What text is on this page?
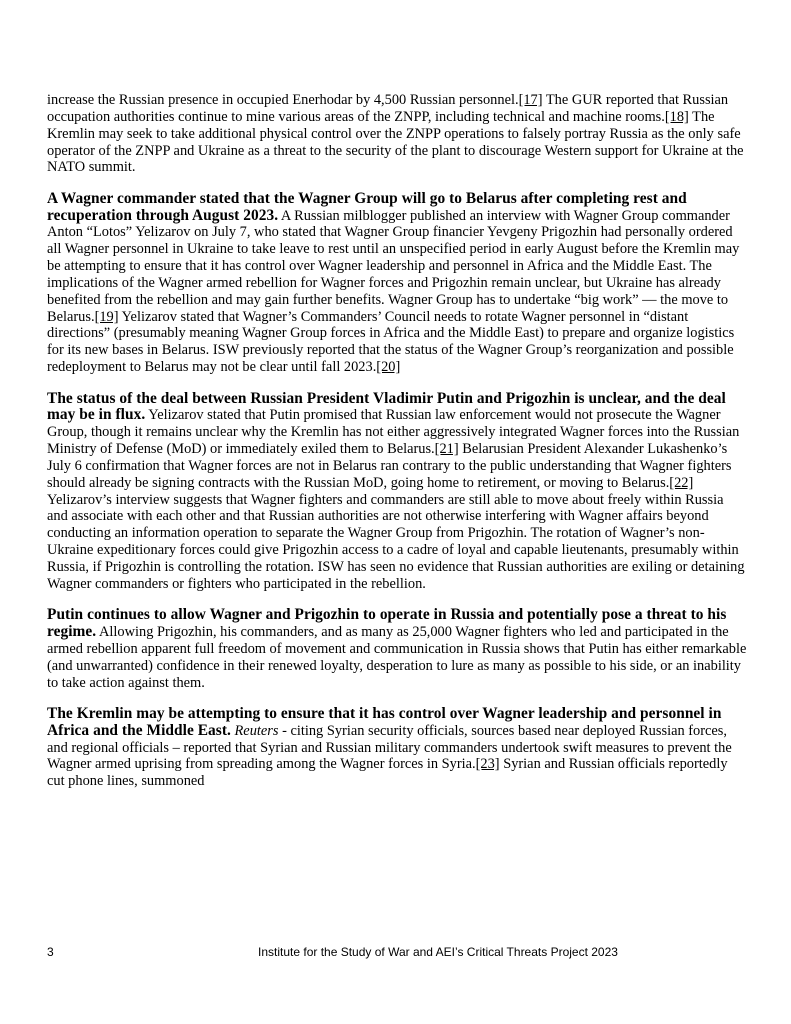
increase the Russian presence in occupied Enerhodar by 4,500 Russian personnel.[17] The GUR reported that Russian occupation authorities continue to mine various areas of the ZNPP, including technical and machine rooms.[18] The Kremlin may seek to take additional physical control over the ZNPP operations to falsely portray Russia as the only safe operator of the ZNPP and Ukraine as a threat to the security of the plant to discourage Western support for Ukraine at the NATO summit.

A Wagner commander stated that the Wagner Group will go to Belarus after completing rest and recuperation through August 2023. A Russian milblogger published an interview with Wagner Group commander Anton “Lotos” Yelizarov on July 7, who stated that Wagner Group financier Yevgeny Prigozhin had personally ordered all Wagner personnel in Ukraine to take leave to rest until an unspecified period in early August before the Kremlin may be attempting to ensure that it has control over Wagner leadership and personnel in Africa and the Middle East. The implications of the Wagner armed rebellion for Wagner forces and Prigozhin remain unclear, but Ukraine has already benefited from the rebellion and may gain further benefits. Wagner Group has to undertake “big work” — the move to Belarus.[19] Yelizarov stated that Wagner’s Commanders’ Council needs to rotate Wagner personnel in “distant directions” (presumably meaning Wagner Group forces in Africa and the Middle East) to prepare and organize logistics for its new bases in Belarus. ISW previously reported that the status of the Wagner Group’s reorganization and possible redeployment to Belarus may not be clear until fall 2023.[20]

The status of the deal between Russian President Vladimir Putin and Prigozhin is unclear, and the deal may be in flux. Yelizarov stated that Putin promised that Russian law enforcement would not prosecute the Wagner Group, though it remains unclear why the Kremlin has not either aggressively integrated Wagner forces into the Russian Ministry of Defense (MoD) or immediately exiled them to Belarus.[21] Belarusian President Alexander Lukashenko’s July 6 confirmation that Wagner forces are not in Belarus ran contrary to the public understanding that Wagner fighters should already be signing contracts with the Russian MoD, going home to retirement, or moving to Belarus.[22] Yelizarov’s interview suggests that Wagner fighters and commanders are still able to move about freely within Russia and associate with each other and that Russian authorities are not otherwise interfering with Wagner affairs beyond conducting an information operation to separate the Wagner Group from Prigozhin. The rotation of Wagner’s non-Ukraine expeditionary forces could give Prigozhin access to a cadre of loyal and capable lieutenants, presumably within Russia, if Prigozhin is controlling the rotation. ISW has seen no evidence that Russian authorities are exiling or detaining Wagner commanders or fighters who participated in the rebellion.

Putin continues to allow Wagner and Prigozhin to operate in Russia and potentially pose a threat to his regime. Allowing Prigozhin, his commanders, and as many as 25,000 Wagner fighters who led and participated in the armed rebellion apparent full freedom of movement and communication in Russia shows that Putin has either remarkable (and unwarranted) confidence in their renewed loyalty, desperation to lure as many as possible to his side, or an inability to take action against them.

The Kremlin may be attempting to ensure that it has control over Wagner leadership and personnel in Africa and the Middle East. Reuters - citing Syrian security officials, sources based near deployed Russian forces, and regional officials – reported that Syrian and Russian military commanders undertook swift measures to prevent the Wagner armed uprising from spreading among the Wagner forces in Syria.[23] Syrian and Russian officials reportedly cut phone lines, summoned

3	Institute for the Study of War and AEI’s Critical Threats Project 2023
